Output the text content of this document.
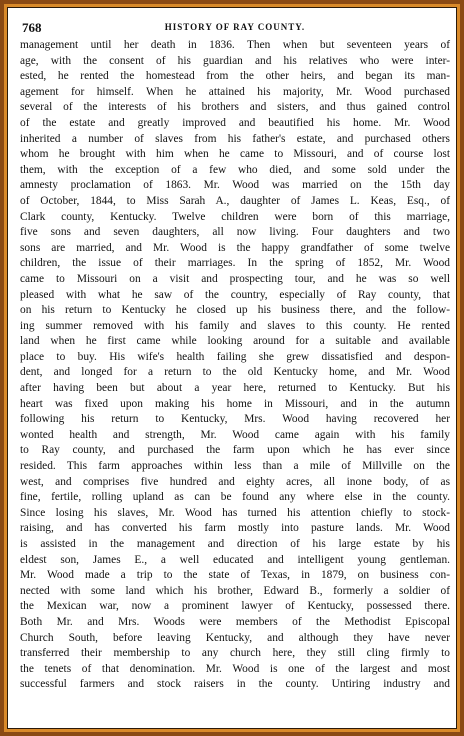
768	HISTORY OF RAY COUNTY.
management until her death in 1836. Then when but seventeen years of
age, with the consent of his guardian and his relatives who were inter-
ested, he rented the homestead from the other heirs, and began its man-
agement for himself. When he attained his majority, Mr. Wood purchased
several of the interests of his brothers and sisters, and thus gained control
of the estate and greatly improved and beautified his home. Mr. Wood
inherited a number of slaves from his father's estate, and purchased others
whom he brought with him when he came to Missouri, and of course lost
them, with the exception of a few who died, and some sold under the
amnesty proclamation of 1863. Mr. Wood was married on the 15th day
of October, 1844, to Miss Sarah A., daughter of James L. Keas, Esq., of
Clark county, Kentucky. Twelve children were born of this marriage,
five sons and seven daughters, all now living. Four daughters and two
sons are married, and Mr. Wood is the happy grandfather of some twelve
children, the issue of their marriages. In the spring of 1852, Mr. Wood
came to Missouri on a visit and prospecting tour, and he was so well
pleased with what he saw of the country, especially of Ray county, that
on his return to Kentucky he closed up his business there, and the follow-
ing summer removed with his family and slaves to this county. He rented
land when he first came while looking around for a suitable and available
place to buy. His wife's health failing she grew dissatisfied and despon-
dent, and longed for a return to the old Kentucky home, and Mr. Wood
after having been but about a year here, returned to Kentucky. But his
heart was fixed upon making his home in Missouri, and in the autumn
following his return to Kentucky, Mrs. Wood having recovered her
wonted health and strength, Mr. Wood came again with his family
to Ray county, and purchased the farm upon which he has ever since
resided. This farm approaches within less than a mile of Millville on the
west, and comprises five hundred and eighty acres, all inone body, of as
fine, fertile, rolling upland as can be found any where else in the county.
Since losing his slaves, Mr. Wood has turned his attention chiefly to stock-
raising, and has converted his farm mostly into pasture lands. Mr. Wood
is assisted in the management and direction of his large estate by his
eldest son, James E., a well educated and intelligent young gentleman.
Mr. Wood made a trip to the state of Texas, in 1879, on business con-
nected with some land which his brother, Edward B., formerly a soldier of
the Mexican war, now a prominent lawyer of Kentucky, possessed there.
Both Mr. and Mrs. Woods were members of the Methodist Episcopal
Church South, before leaving Kentucky, and although they have never
transferred their membership to any church here, they still cling firmly to
the tenets of that denomination. Mr. Wood is one of the largest and most
successful farmers and stock raisers in the county. Untiring industry and
